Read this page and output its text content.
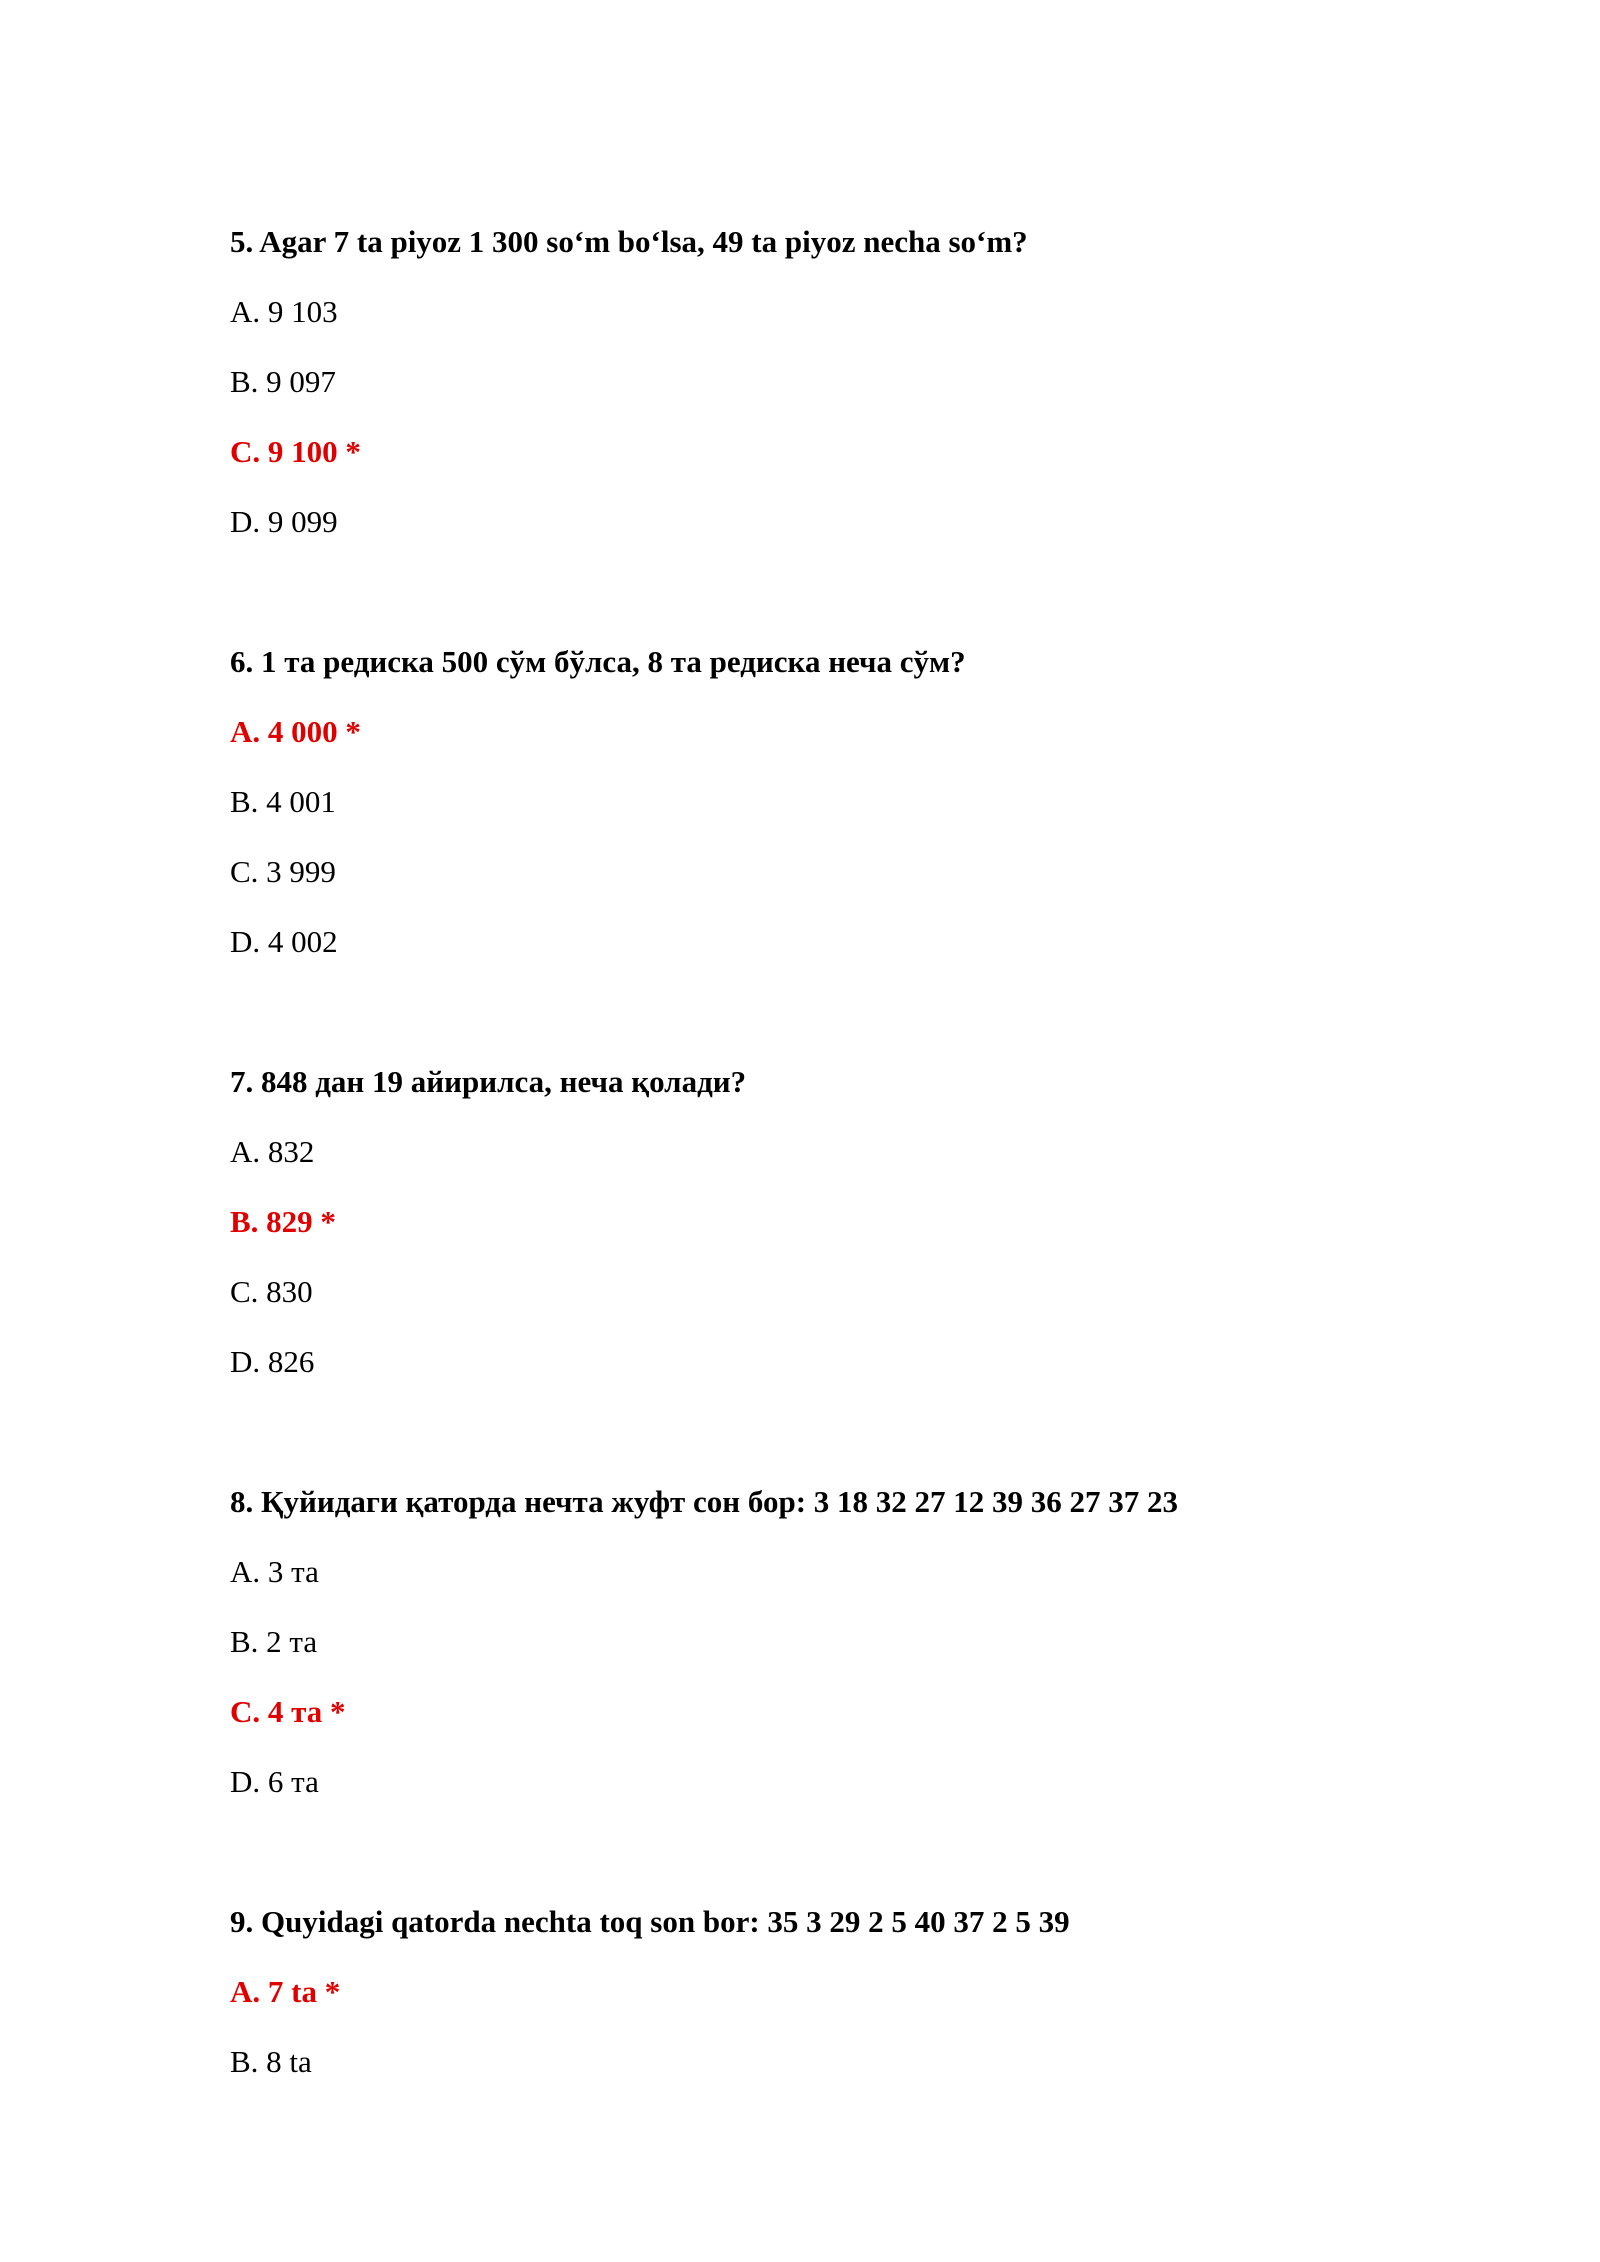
5. Agar 7 ta piyoz 1 300 so‘m bo‘lsa, 49 ta piyoz necha so‘m?
A. 9 103
B. 9 097
C. 9 100 *
D. 9 099
6. 1 та редиска 500 сўм бўлса, 8 та редиска неча сўм?
A. 4 000 *
B. 4 001
C. 3 999
D. 4 002
7. 848 дан 19 айирилса, неча қолади?
A. 832
B. 829 *
C. 830
D. 826
8. Қуйидаги қаторда нечта жуфт сон бор: 3 18 32 27 12 39 36 27 37 23
A. 3 та
B. 2 та
C. 4 та *
D. 6 та
9. Quyidagi qatorda nechta toq son bor: 35 3 29 2 5 40 37 2 5 39
A. 7 ta *
B. 8 ta
